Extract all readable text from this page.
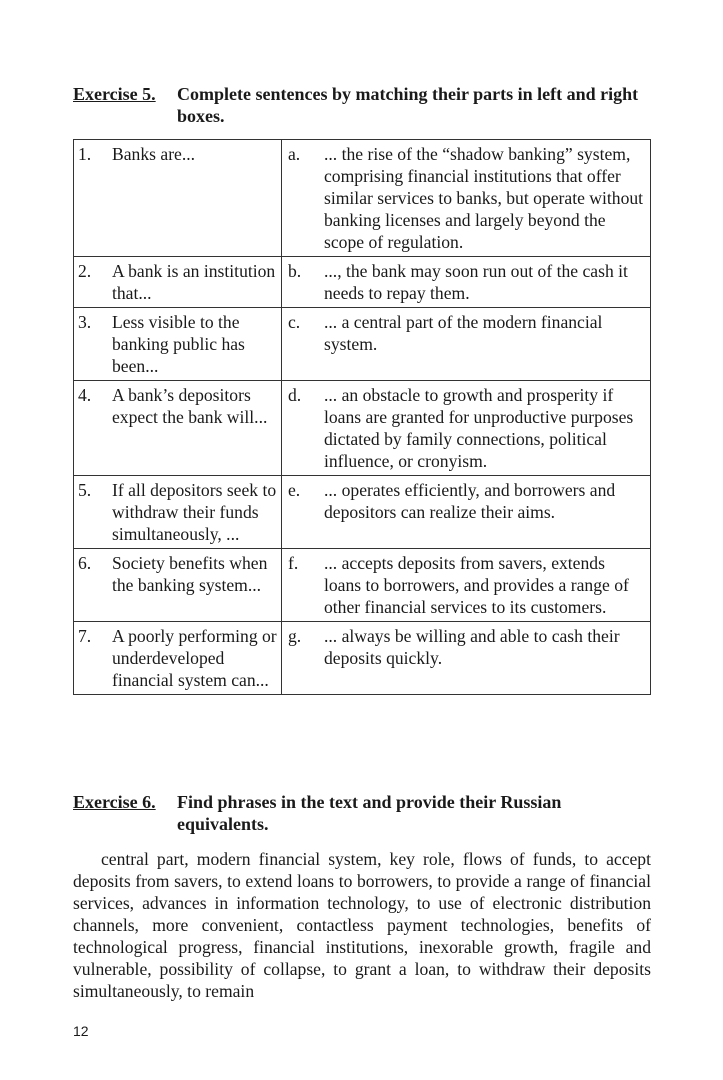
Exercise 5. Complete sentences by matching their parts in left and right boxes.
1. Banks are...	a. ... the rise of the “shadow banking” system, comprising financial institutions that offer similar services to banks, but operate without banking licenses and largely beyond the scope of regulation.

2. A bank is an institution that...	b. ..., the bank may soon run out of the cash it needs to repay them.

3. Less visible to the banking public has been...	c. ... a central part of the modern financial system.

4. A bank’s depositors expect the bank will...	d. ... an obstacle to growth and prosperity if loans are granted for unproductive purposes dictated by family connections, political influence, or cronyism.

5. If all depositors seek to withdraw their funds simultaneously, ...	e. ... operates efficiently, and borrowers and depositors can realize their aims.

6. Society benefits when the banking system...	f. ... accepts deposits from savers, extends loans to borrowers, and provides a range of other financial services to its customers.

7. A poorly performing or underdeveloped financial system can...	g. ... always be willing and able to cash their deposits quickly.
Exercise 6. Find phrases in the text and provide their Russian equivalents.
central part, modern financial system, key role, flows of funds, to accept deposits from savers, to extend loans to borrowers, to provide a range of financial services, advances in information technology, to use of electronic distribution channels, more convenient, contactless payment technologies, benefits of technological progress, financial institutions, inexorable growth, fragile and vulnerable, possibility of collapse, to grant a loan, to withdraw their deposits simultaneously, to remain
12
